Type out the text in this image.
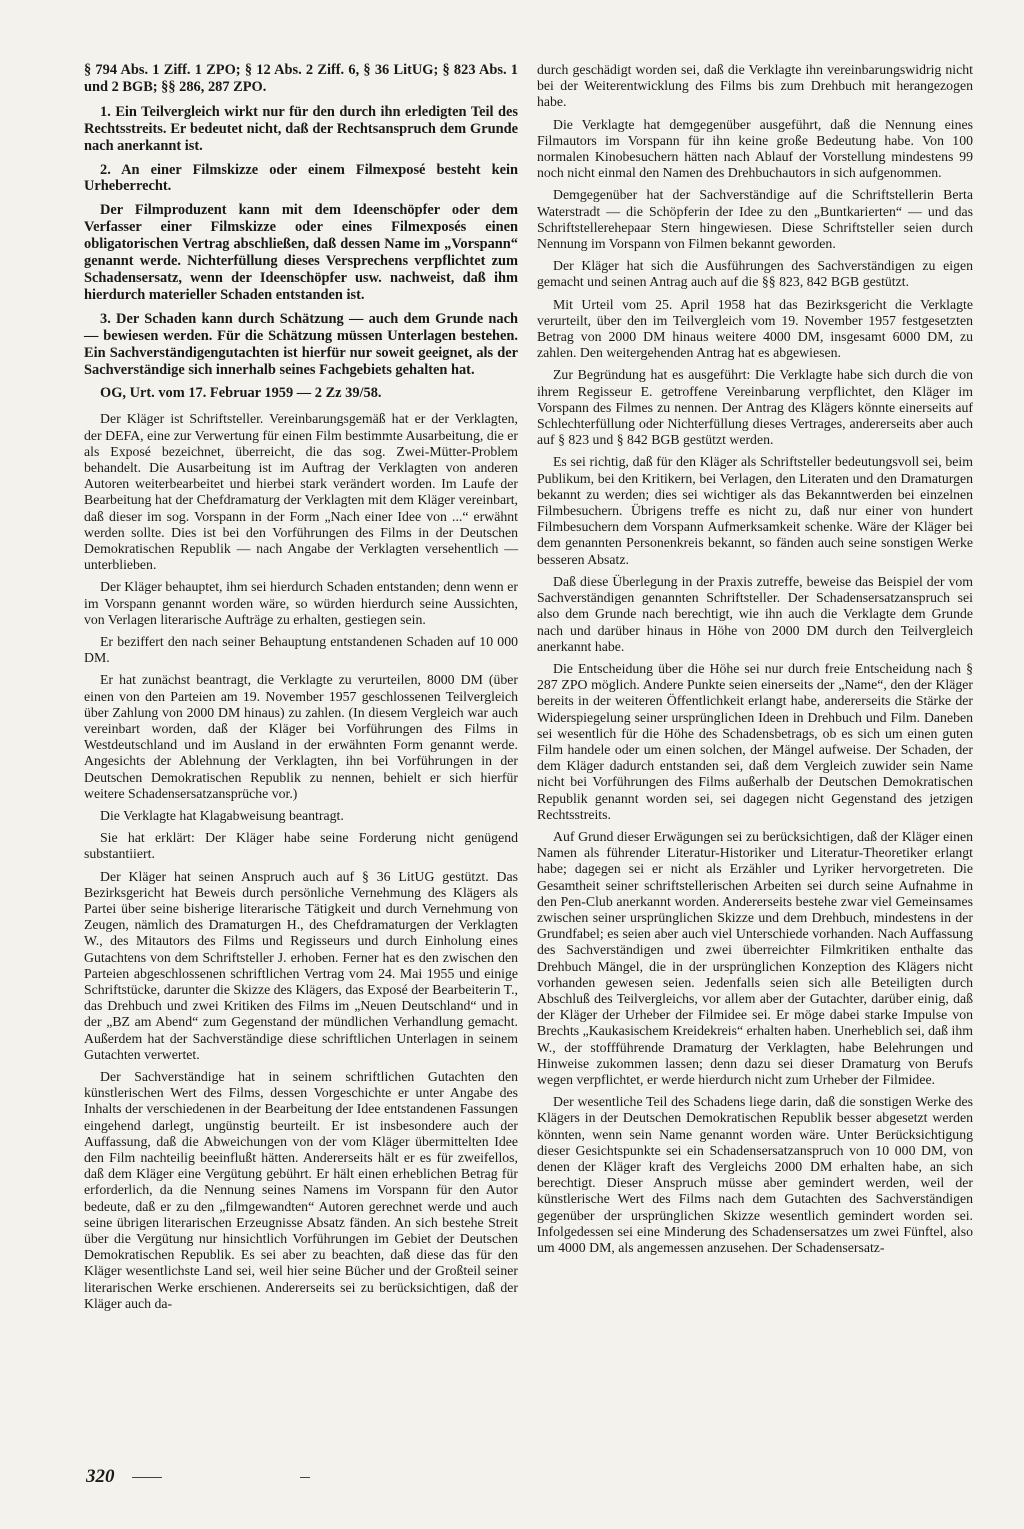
§ 794 Abs. 1 Ziff. 1 ZPO; § 12 Abs. 2 Ziff. 6, § 36 LitUG; § 823 Abs. 1 und 2 BGB; §§ 286, 287 ZPO.

1. Ein Teilvergleich wirkt nur für den durch ihn erledigten Teil des Rechtsstreits. Er bedeutet nicht, daß der Rechtsanspruch dem Grunde nach anerkannt ist.

2. An einer Filmskizze oder einem Filmexposé besteht kein Urheberrecht.

Der Filmproduzent kann mit dem Ideenschöpfer oder dem Verfasser einer Filmskizze oder eines Filmexposés einen obligatorischen Vertrag abschließen, daß dessen Name im „Vorspann“ genannt werde. Nichterfüllung dieses Versprechens verpflichtet zum Schadensersatz, wenn der Ideenschöpfer usw. nachweist, daß ihm hierdurch materieller Schaden entstanden ist.

3. Der Schaden kann durch Schätzung — auch dem Grunde nach — bewiesen werden. Für die Schätzung müssen Unterlagen bestehen. Ein Sachverständigengutachten ist hierfür nur soweit geeignet, als der Sachverständige sich innerhalb seines Fachgebiets gehalten hat.

OG, Urt. vom 17. Februar 1959 — 2 Zz 39/58.

Der Kläger ist Schriftsteller. Vereinbarungsgemäß hat er der Verklagten, der DEFA, eine zur Verwertung für einen Film bestimmte Ausarbeitung, die er als Exposé bezeichnet, überreicht, die das sog. Zwei-Mütter-Problem behandelt. Die Ausarbeitung ist im Auftrag der Verklagten von anderen Autoren weiterbearbeitet und hierbei stark verändert worden. Im Laufe der Bearbeitung hat der Chefdramaturg der Verklagten mit dem Kläger vereinbart, daß dieser im sog. Vorspann in der Form „Nach einer Idee von ...“ erwähnt werden sollte. Dies ist bei den Vorführungen des Films in der Deutschen Demokratischen Republik — nach Angabe der Verklagten versehentlich — unterblieben.

Der Kläger behauptet, ihm sei hierdurch Schaden entstanden; denn wenn er im Vorspann genannt worden wäre, so würden hierdurch seine Aussichten, von Verlagen literarische Aufträge zu erhalten, gestiegen sein.

Er beziffert den nach seiner Behauptung entstandenen Schaden auf 10 000 DM.

Er hat zunächst beantragt, die Verklagte zu verurteilen, 8000 DM (über einen von den Parteien am 19. November 1957 geschlossenen Teilvergleich über Zahlung von 2000 DM hinaus) zu zahlen. (In diesem Vergleich war auch vereinbart worden, daß der Kläger bei Vorführungen des Films in Westdeutschland und im Ausland in der erwähnten Form genannt werde. Angesichts der Ablehnung der Verklagten, ihn bei Vorführungen in der Deutschen Demokratischen Republik zu nennen, behielt er sich hierfür weitere Schadensersatzansprüche vor.)

Die Verklagte hat Klagabweisung beantragt.

Sie hat erklärt: Der Kläger habe seine Forderung nicht genügend substantiiert.

Der Kläger hat seinen Anspruch auch auf § 36 LitUG gestützt. Das Bezirksgericht hat Beweis durch persönliche Vernehmung des Klägers als Partei über seine bisherige literarische Tätigkeit und durch Vernehmung von Zeugen, nämlich des Dramaturgen H., des Chefdramaturgen der Verklagten W., des Mitautors des Films und Regisseurs und durch Einholung eines Gutachtens von dem Schriftsteller J. erhoben. Ferner hat es den zwischen den Parteien abgeschlossenen schriftlichen Vertrag vom 24. Mai 1955 und einige Schriftstücke, darunter die Skizze des Klägers, das Exposé der Bearbeiterin T., das Drehbuch und zwei Kritiken des Films im „Neuen Deutschland“ und in der „BZ am Abend“ zum Gegenstand der mündlichen Verhandlung gemacht. Außerdem hat der Sachverständige diese schriftlichen Unterlagen in seinem Gutachten verwertet.

Der Sachverständige hat in seinem schriftlichen Gutachten den künstlerischen Wert des Films, dessen Vorgeschichte er unter Angabe des Inhalts der verschiedenen in der Bearbeitung der Idee entstandenen Fassungen eingehend darlegt, ungünstig beurteilt. Er ist insbesondere auch der Auffassung, daß die Abweichungen von der vom Kläger übermittelten Idee den Film nachteilig beeinflußt hätten. Andererseits hält er es für zweifellos, daß dem Kläger eine Vergütung gebührt. Er hält einen erheblichen Betrag für erforderlich, da die Nennung seines Namens im Vorspann für den Autor bedeute, daß er zu den „filmgewandten“ Autoren gerechnet werde und auch seine übrigen literarischen Erzeugnisse Absatz fänden. An sich bestehe Streit über die Vergütung nur hinsichtlich Vorführungen im Gebiet der Deutschen Demokratischen Republik. Es sei aber zu beachten, daß diese das für den Kläger wesentlichste Land sei, weil hier seine Bücher und der Großteil seiner literarischen Werke erschienen. Andererseits sei zu berücksichtigen, daß der Kläger auch da-

durch geschädigt worden sei, daß die Verklagte ihn vereinbarungswidrig nicht bei der Weiterentwicklung des Films bis zum Drehbuch mit herangezogen habe.

Die Verklagte hat demgegenüber ausgeführt, daß die Nennung eines Filmautors im Vorspann für ihn keine große Bedeutung habe. Von 100 normalen Kinobesuchern hätten nach Ablauf der Vorstellung mindestens 99 noch nicht einmal den Namen des Drehbuchautors in sich aufgenommen.

Demgegenüber hat der Sachverständige auf die Schriftstellerin Berta Waterstradt — die Schöpferin der Idee zu den „Buntkarierten“ — und das Schriftstellerehepaar Stern hingewiesen. Diese Schriftsteller seien durch Nennung im Vorspann von Filmen bekannt geworden.

Der Kläger hat sich die Ausführungen des Sachverständigen zu eigen gemacht und seinen Antrag auch auf die §§ 823, 842 BGB gestützt.

Mit Urteil vom 25. April 1958 hat das Bezirksgericht die Verklagte verurteilt, über den im Teilvergleich vom 19. November 1957 festgesetzten Betrag von 2000 DM hinaus weitere 4000 DM, insgesamt 6000 DM, zu zahlen. Den weitergehenden Antrag hat es abgewiesen.

Zur Begründung hat es ausgeführt: Die Verklagte habe sich durch die von ihrem Regisseur E. getroffene Vereinbarung verpflichtet, den Kläger im Vorspann des Filmes zu nennen. Der Antrag des Klägers könnte einerseits auf Schlechterfüllung oder Nichterfüllung dieses Vertrages, andererseits aber auch auf § 823 und § 842 BGB gestützt werden.

Es sei richtig, daß für den Kläger als Schriftsteller bedeutungsvoll sei, beim Publikum, bei den Kritikern, bei Verlagen, den Literaten und den Dramaturgen bekannt zu werden; dies sei wichtiger als das Bekanntwerden bei einzelnen Filmbesuchern. Übrigens treffe es nicht zu, daß nur einer von hundert Filmbesuchern dem Vorspann Aufmerksamkeit schenke. Wäre der Kläger bei dem genannten Personenkreis bekannt, so fänden auch seine sonstigen Werke besseren Absatz.

Daß diese Überlegung in der Praxis zutreffe, beweise das Beispiel der vom Sachverständigen genannten Schriftsteller. Der Schadensersatzanspruch sei also dem Grunde nach berechtigt, wie ihn auch die Verklagte dem Grunde nach und darüber hinaus in Höhe von 2000 DM durch den Teilvergleich anerkannt habe.

Die Entscheidung über die Höhe sei nur durch freie Entscheidung nach § 287 ZPO möglich. Andere Punkte seien einerseits der „Name“, den der Kläger bereits in der weiteren Öffentlichkeit erlangt habe, andererseits die Stärke der Widerspiegelung seiner ursprünglichen Ideen in Drehbuch und Film. Daneben sei wesentlich für die Höhe des Schadensbetrags, ob es sich um einen guten Film handele oder um einen solchen, der Mängel aufweise. Der Schaden, der dem Kläger dadurch entstanden sei, daß dem Vergleich zuwider sein Name nicht bei Vorführungen des Films außerhalb der Deutschen Demokratischen Republik genannt worden sei, sei dagegen nicht Gegenstand des jetzigen Rechtsstreits.

Auf Grund dieser Erwägungen sei zu berücksichtigen, daß der Kläger einen Namen als führender Literatur-Historiker und Literatur-Theoretiker erlangt habe; dagegen sei er nicht als Erzähler und Lyriker hervorgetreten. Die Gesamtheit seiner schriftstellerischen Arbeiten sei durch seine Aufnahme in den Pen-Club anerkannt worden. Andererseits bestehe zwar viel Gemeinsames zwischen seiner ursprünglichen Skizze und dem Drehbuch, mindestens in der Grundfabel; es seien aber auch viel Unterschiede vorhanden. Nach Auffassung des Sachverständigen und zwei überreichter Filmkritiken enthalte das Drehbuch Mängel, die in der ursprünglichen Konzeption des Klägers nicht vorhanden gewesen seien. Jedenfalls seien sich alle Beteiligten durch Abschluß des Teilvergleichs, vor allem aber der Gutachter, darüber einig, daß der Kläger der Urheber der Filmidee sei. Er möge dabei starke Impulse von Brechts „Kaukasischem Kreidekreis“ erhalten haben. Unerheblich sei, daß ihm W., der stoffführende Dramaturg der Verklagten, habe Belehrungen und Hinweise zukommen lassen; denn dazu sei dieser Dramaturg von Berufs wegen verpflichtet, er werde hierdurch nicht zum Urheber der Filmidee.

Der wesentliche Teil des Schadens liege darin, daß die sonstigen Werke des Klägers in der Deutschen Demokratischen Republik besser abgesetzt werden könnten, wenn sein Name genannt worden wäre. Unter Berücksichtigung dieser Gesichtspunkte sei ein Schadensersatzanspruch von 10 000 DM, von denen der Kläger kraft des Vergleichs 2000 DM erhalten habe, an sich berechtigt. Dieser Anspruch müsse aber gemindert werden, weil der künstlerische Wert des Films nach dem Gutachten des Sachverständigen gegenüber der ursprünglichen Skizze wesentlich gemindert worden sei. Infolgedessen sei eine Minderung des Schadensersatzes um zwei Fünftel, also um 4000 DM, als angemessen anzusehen. Der Schadensersatz-

320
